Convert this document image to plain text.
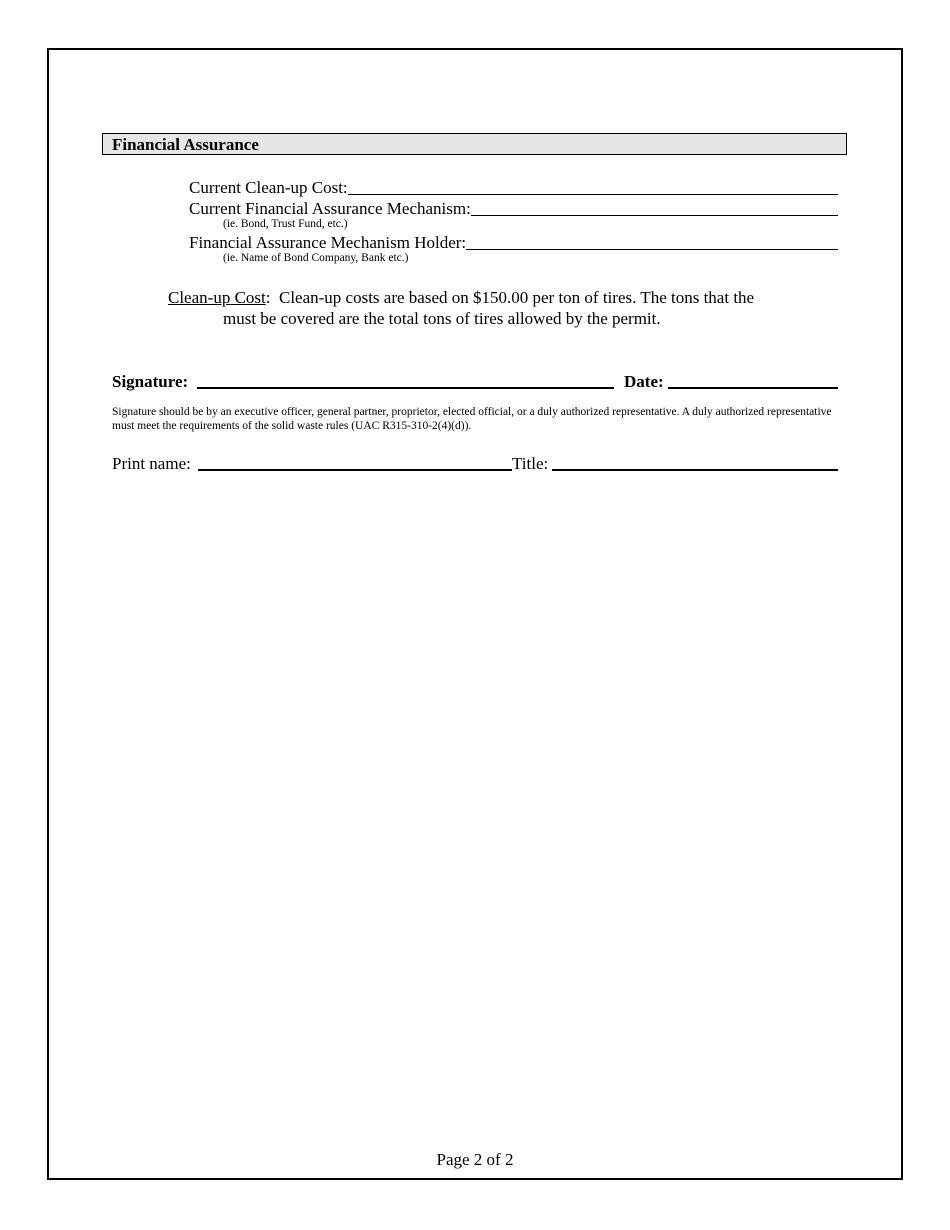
Financial Assurance
Current Clean-up Cost:
Current Financial Assurance Mechanism:
(ie. Bond, Trust Fund, etc.)
Financial Assurance Mechanism Holder:
(ie. Name of Bond Company, Bank etc.)
Clean-up Cost:  Clean-up costs are based on $150.00 per ton of tires. The tons that the
must be covered are the total tons of tires allowed by the permit.
Signature:	Date:
Signature should be by an executive officer, general partner, proprietor, elected official, or a duly authorized representative. A duly authorized representative must meet the requirements of the solid waste rules (UAC R315-310-2(4)(d)).
Print name:	Title:
Page 2 of 2
